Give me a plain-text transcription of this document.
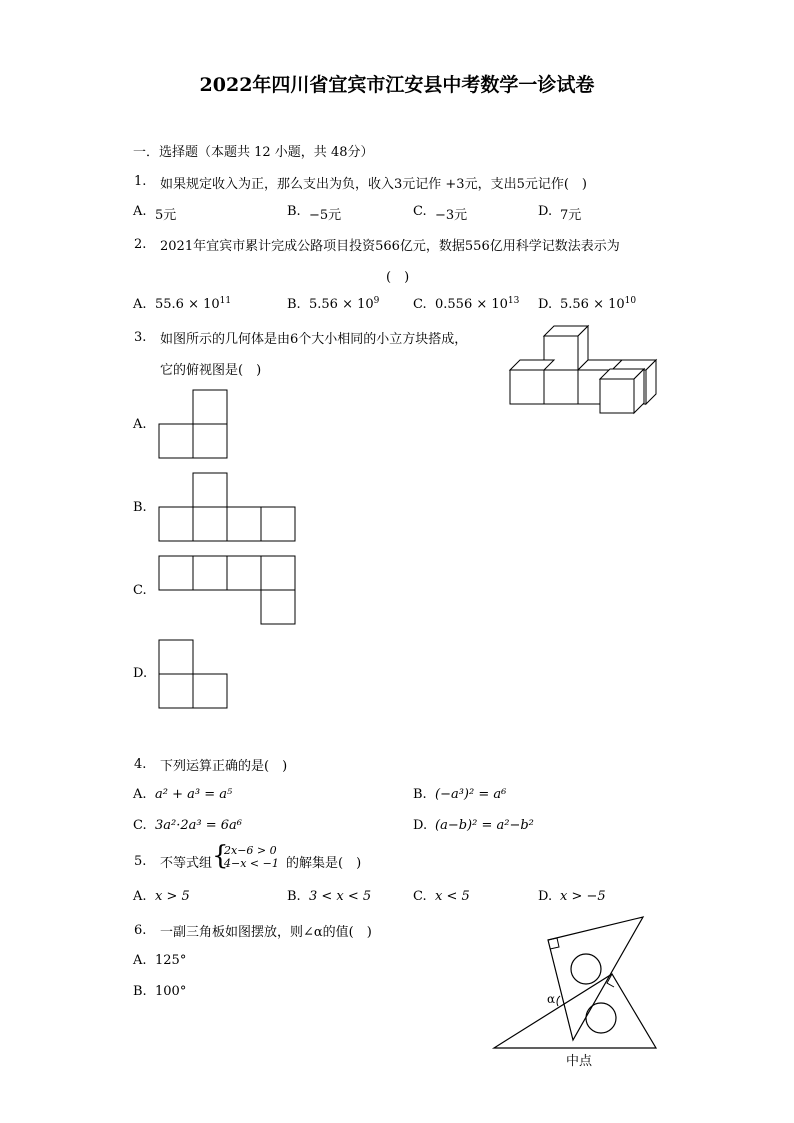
2022年四川省宜宾市江安县中考数学一诊试卷
一．选择题（本题共 12 小题，共 48分）
1. 如果规定收入为正，那么支出为负，收入3元记作 +3元，支出5元记作(　)
A. 5元	B. −5元	C. −3元	D. 7元
2. 2021年宜宾市累计完成公路项目投资566亿元，数据556亿用科学记数法表示为
(　)
A. $55.6 \times 10^{11}$	B. $5.56 \times 10^9$	C. $0.556 \times 10^{13}$ D. $5.56 \times 10^{10}$
3. 如图所示的几何体是由6个大小相同的小立方块搭成，
它的俯视图是(　)
A.
B.
C.
D.
4. 下列运算正确的是(　)
A. a² + a³ = a⁵	B. (−a³)² = a⁶
C. 3a²·2a³ = 6a⁶	D. (a−b)² = a²−b²
5. 不等式组 {
2x−6 > 0
4−x < −1 的解集是(　)
A. x > 5	B. 3 < x < 5	C. x < 5	D. x > −5
6. 一副三角板如图摆放，则∠α的值(　)
A. 125°
B. 100°	α
中点
